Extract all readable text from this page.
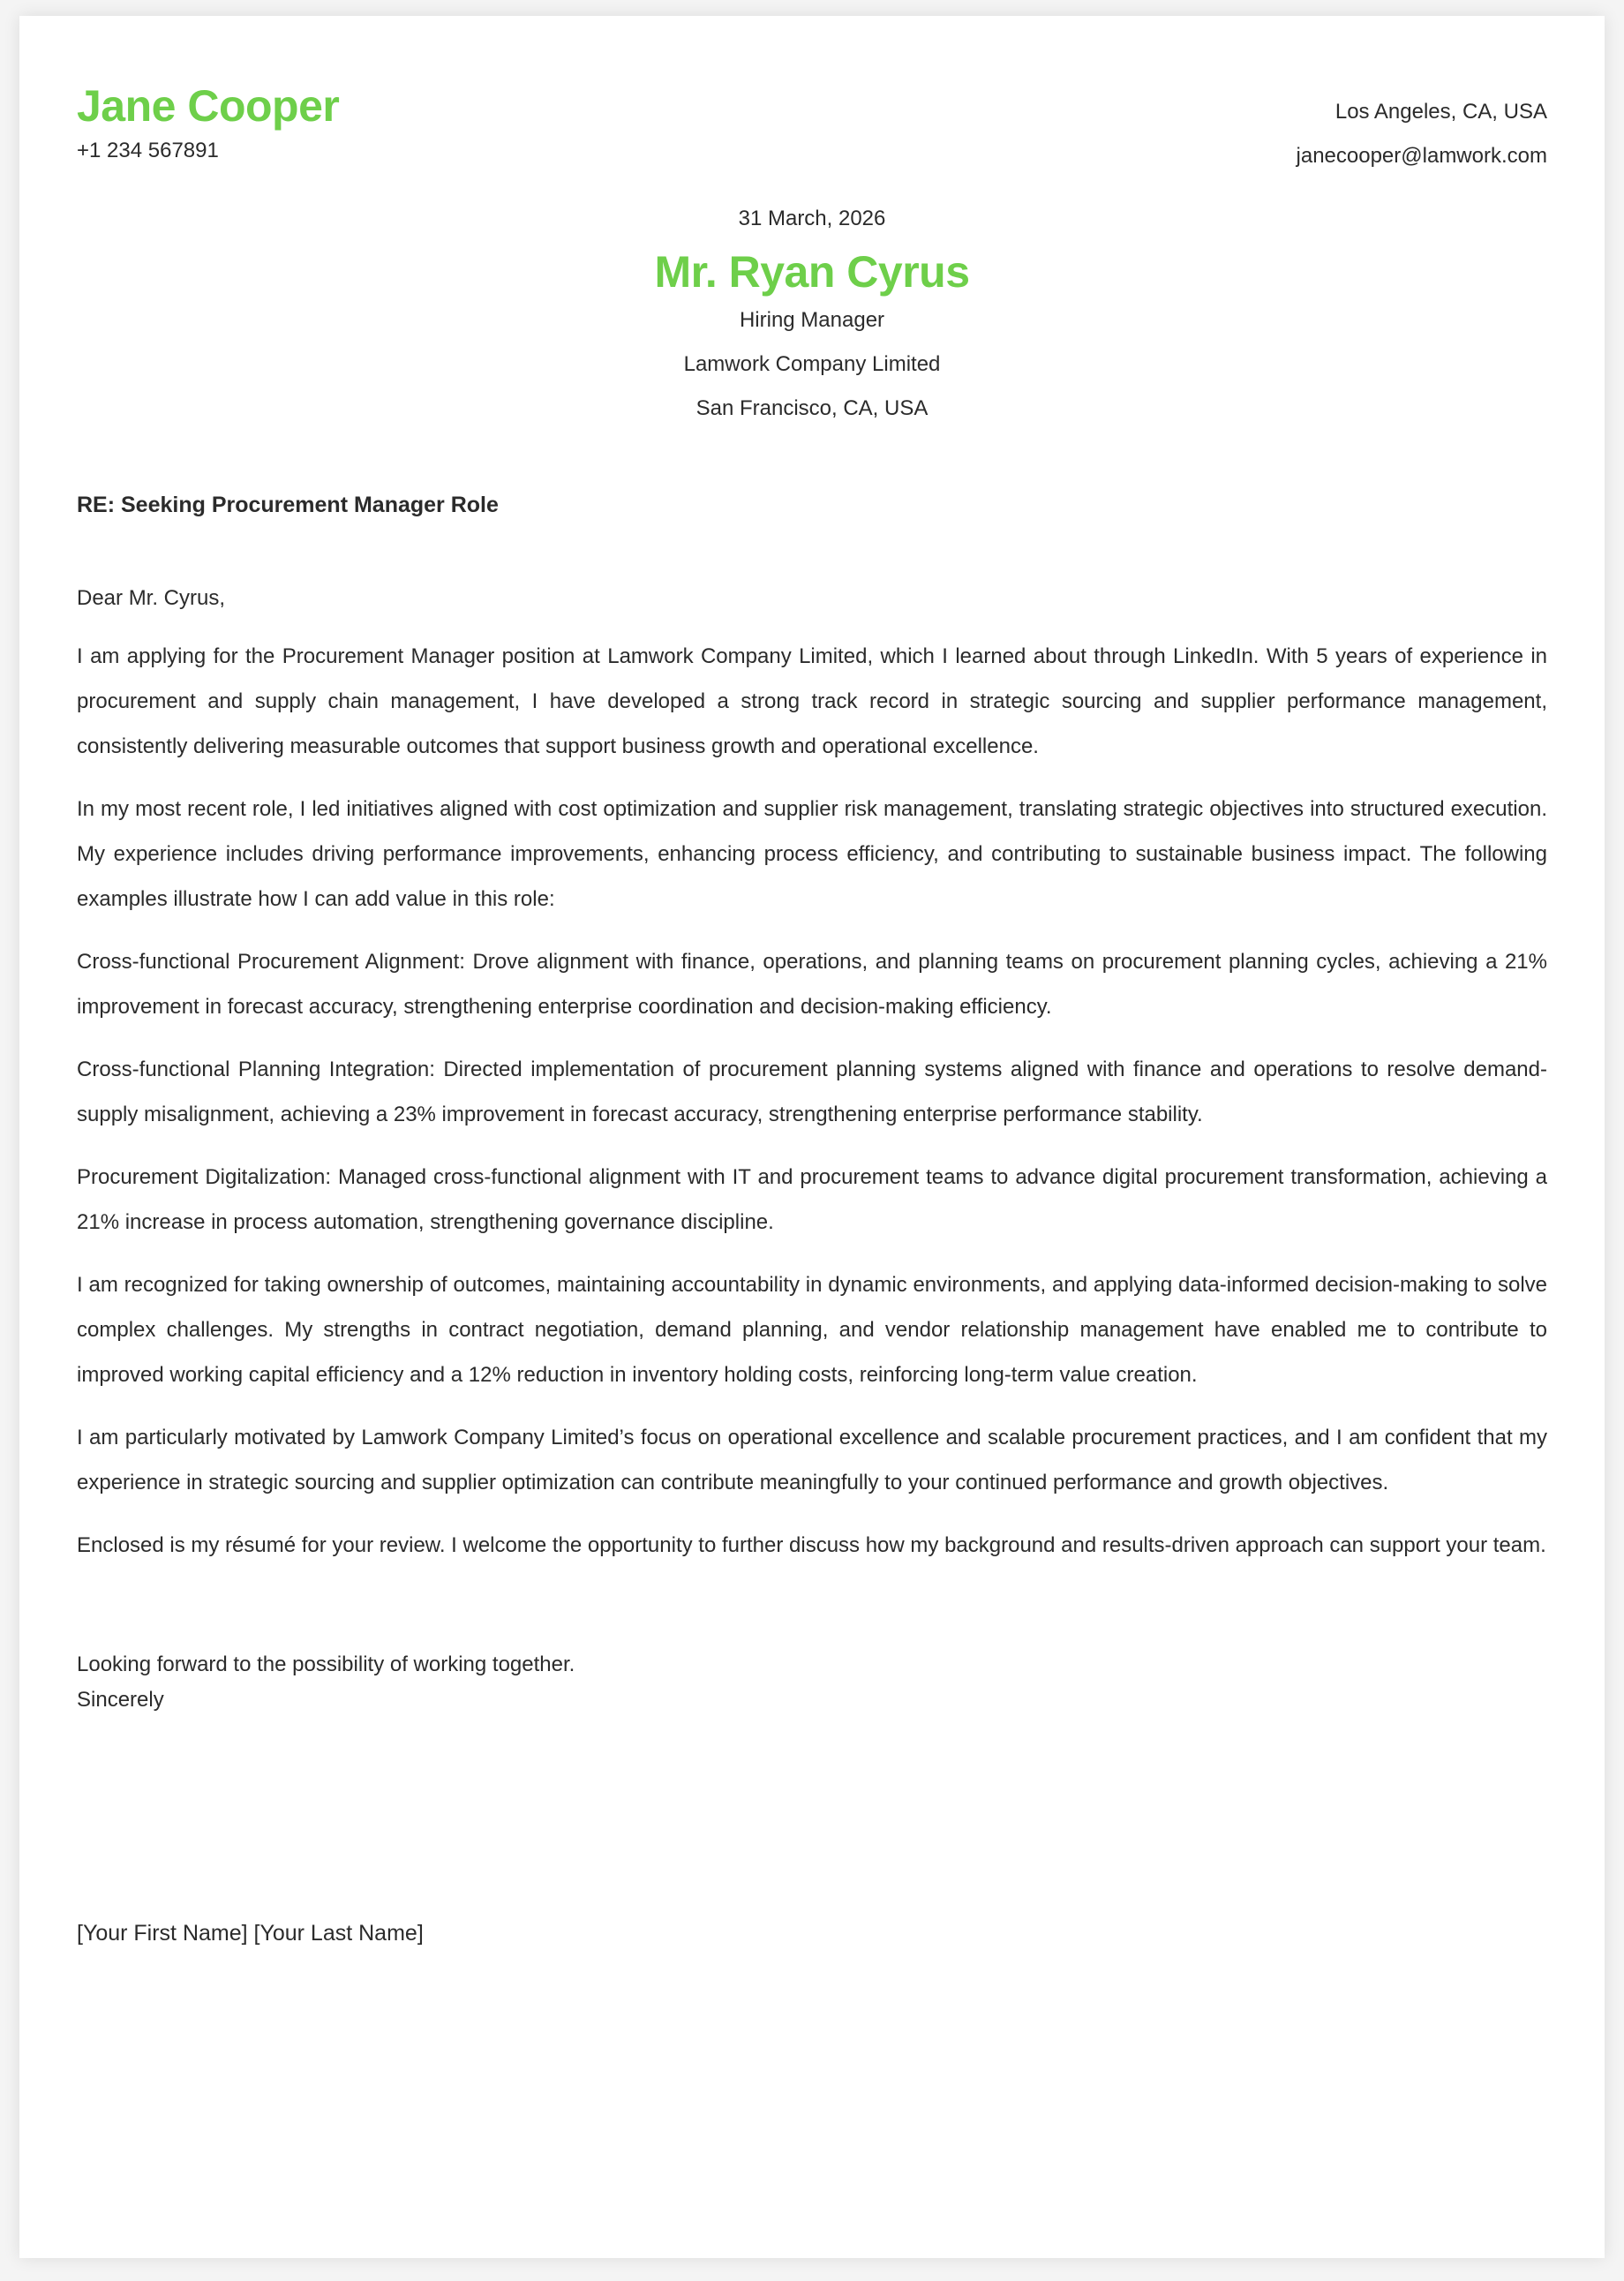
Jane Cooper
+1 234 567891
Los Angeles, CA, USA
janecooper@lamwork.com
31 March, 2026
Mr. Ryan Cyrus
Hiring Manager
Lamwork Company Limited
San Francisco, CA, USA
RE: Seeking Procurement Manager Role

Dear Mr. Cyrus,

I am applying for the Procurement Manager position at Lamwork Company Limited, which I learned about through LinkedIn. With 5 years of experience in procurement and supply chain management, I have developed a strong track record in strategic sourcing and supplier performance management, consistently delivering measurable outcomes that support business growth and operational excellence.

In my most recent role, I led initiatives aligned with cost optimization and supplier risk management, translating strategic objectives into structured execution. My experience includes driving performance improvements, enhancing process efficiency, and contributing to sustainable business impact. The following examples illustrate how I can add value in this role:

Cross-functional Procurement Alignment: Drove alignment with finance, operations, and planning teams on procurement planning cycles, achieving a 21% improvement in forecast accuracy, strengthening enterprise coordination and decision-making efficiency.

Cross-functional Planning Integration: Directed implementation of procurement planning systems aligned with finance and operations to resolve demand-supply misalignment, achieving a 23% improvement in forecast accuracy, strengthening enterprise performance stability.

Procurement Digitalization: Managed cross-functional alignment with IT and procurement teams to advance digital procurement transformation, achieving a 21% increase in process automation, strengthening governance discipline.

I am recognized for taking ownership of outcomes, maintaining accountability in dynamic environments, and applying data-informed decision-making to solve complex challenges. My strengths in contract negotiation, demand planning, and vendor relationship management have enabled me to contribute to improved working capital efficiency and a 12% reduction in inventory holding costs, reinforcing long-term value creation.

I am particularly motivated by Lamwork Company Limited’s focus on operational excellence and scalable procurement practices, and I am confident that my experience in strategic sourcing and supplier optimization can contribute meaningfully to your continued performance and growth objectives.

Enclosed is my résumé for your review. I welcome the opportunity to further discuss how my background and results-driven approach can support your team.

Looking forward to the possibility of working together.
Sincerely
[Your First Name] [Your Last Name]
